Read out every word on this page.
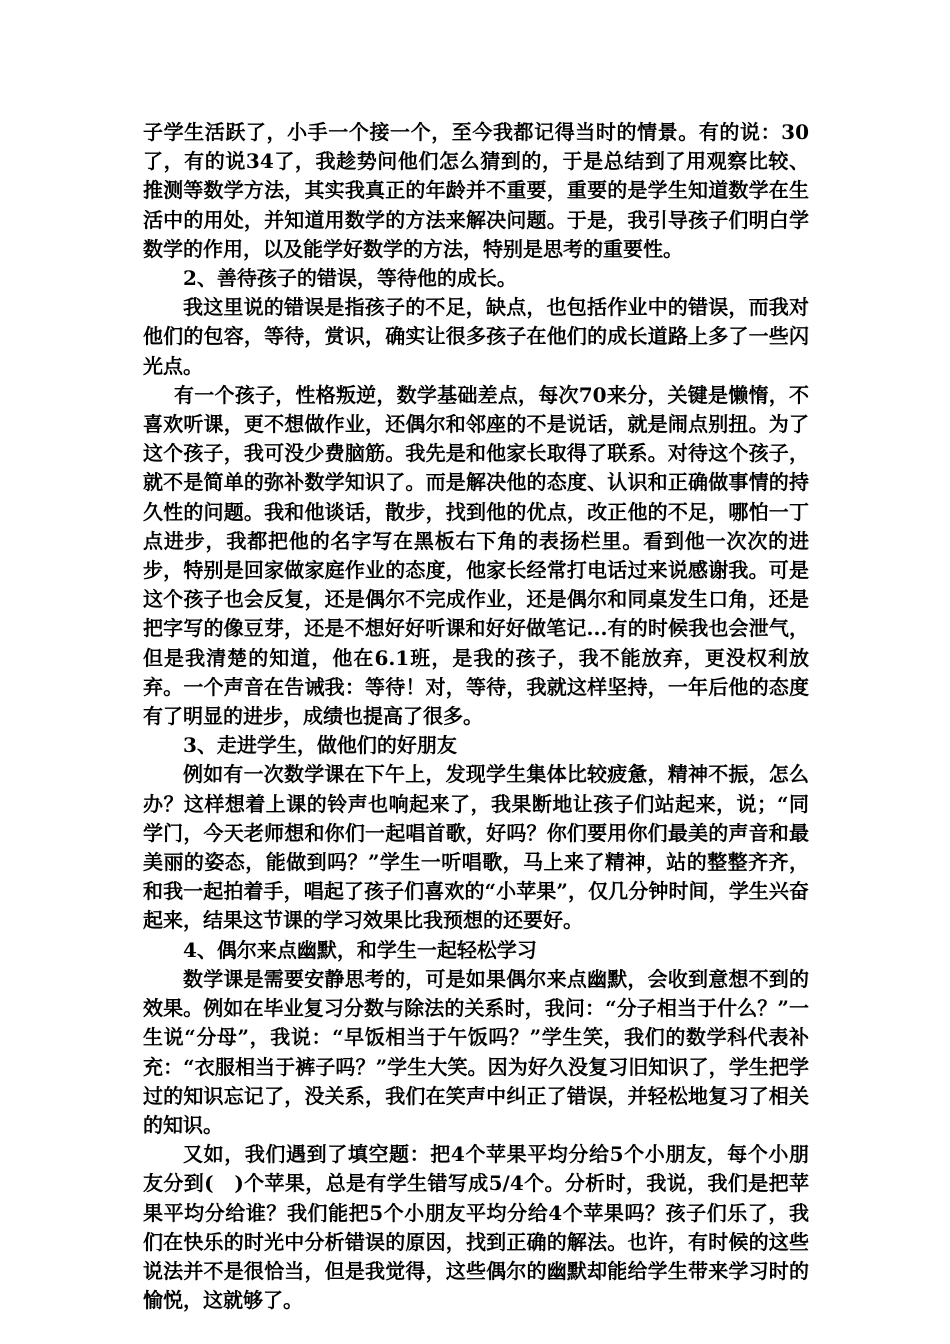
子学生活跃了，小手一个接一个，至今我都记得当时的情景。有的说：30了，有的说34了，我趁势问他们怎么猜到的，于是总结到了用观察比较、推测等数学方法，其实我真正的年龄并不重要，重要的是学生知道数学在生活中的用处，并知道用数学的方法来解决问题。于是，我引导孩子们明白学数学的作用，以及能学好数学的方法，特别是思考的重要性。

2、善待孩子的错误，等待他的成长。

我这里说的错误是指孩子的不足，缺点，也包括作业中的错误，而我对他们的包容，等待，赏识，确实让很多孩子在他们的成长道路上多了一些闪光点。

有一个孩子，性格叛逆，数学基础差点，每次70来分，关键是懒惰，不喜欢听课，更不想做作业，还偶尔和邻座的不是说话，就是闹点别扭。为了这个孩子，我可没少费脑筋。我先是和他家长取得了联系。对待这个孩子，就不是简单的弥补数学知识了。而是解决他的态度、认识和正确做事情的持久性的问题。我和他谈话，散步，找到他的优点，改正他的不足，哪怕一丁点进步，我都把他的名字写在黑板右下角的表扬栏里。看到他一次次的进步，特别是回家做家庭作业的态度，他家长经常打电话过来说感谢我。可是这个孩子也会反复，还是偶尔不完成作业，还是偶尔和同桌发生口角，还是把字写的像豆芽，还是不想好好听课和好好做笔记...有的时候我也会泄气，但是我清楚的知道，他在6.1班，是我的孩子，我不能放弃，更没权利放弃。一个声音在告诫我：等待！对，等待，我就这样坚持，一年后他的态度有了明显的进步，成绩也提高了很多。

3、走进学生，做他们的好朋友

例如有一次数学课在下午上，发现学生集体比较疲惫，精神不振，怎么办？这样想着上课的铃声也响起来了，我果断地让孩子们站起来，说；“同学门，今天老师想和你们一起唱首歌，好吗？你们要用你们最美的声音和最美丽的姿态，能做到吗？”学生一听唱歌，马上来了精神，站的整整齐齐，和我一起拍着手，唱起了孩子们喜欢的“小苹果”，仅几分钟时间，学生兴奋起来，结果这节课的学习效果比我预想的还要好。

4、偶尔来点幽默，和学生一起轻松学习

数学课是需要安静思考的，可是如果偶尔来点幽默，会收到意想不到的效果。例如在毕业复习分数与除法的关系时，我问：“分子相当于什么？”一生说“分母”，我说：“早饭相当于午饭吗？”学生笑，我们的数学科代表补充：“衣服相当于裤子吗？”学生大笑。因为好久没复习旧知识了，学生把学过的知识忘记了，没关系，我们在笑声中纠正了错误，并轻松地复习了相关的知识。

又如，我们遇到了填空题：把4个苹果平均分给5个小朋友，每个小朋友分到(　)个苹果，总是有学生错写成5/4个。分析时，我说，我们是把苹果平均分给谁？我们能把5个小朋友平均分给4个苹果吗？孩子们乐了，我们在快乐的时光中分析错误的原因，找到正确的解法。也许，有时候的这些说法并不是很恰当，但是我觉得，这些偶尔的幽默却能给学生带来学习时的愉悦，这就够了。
